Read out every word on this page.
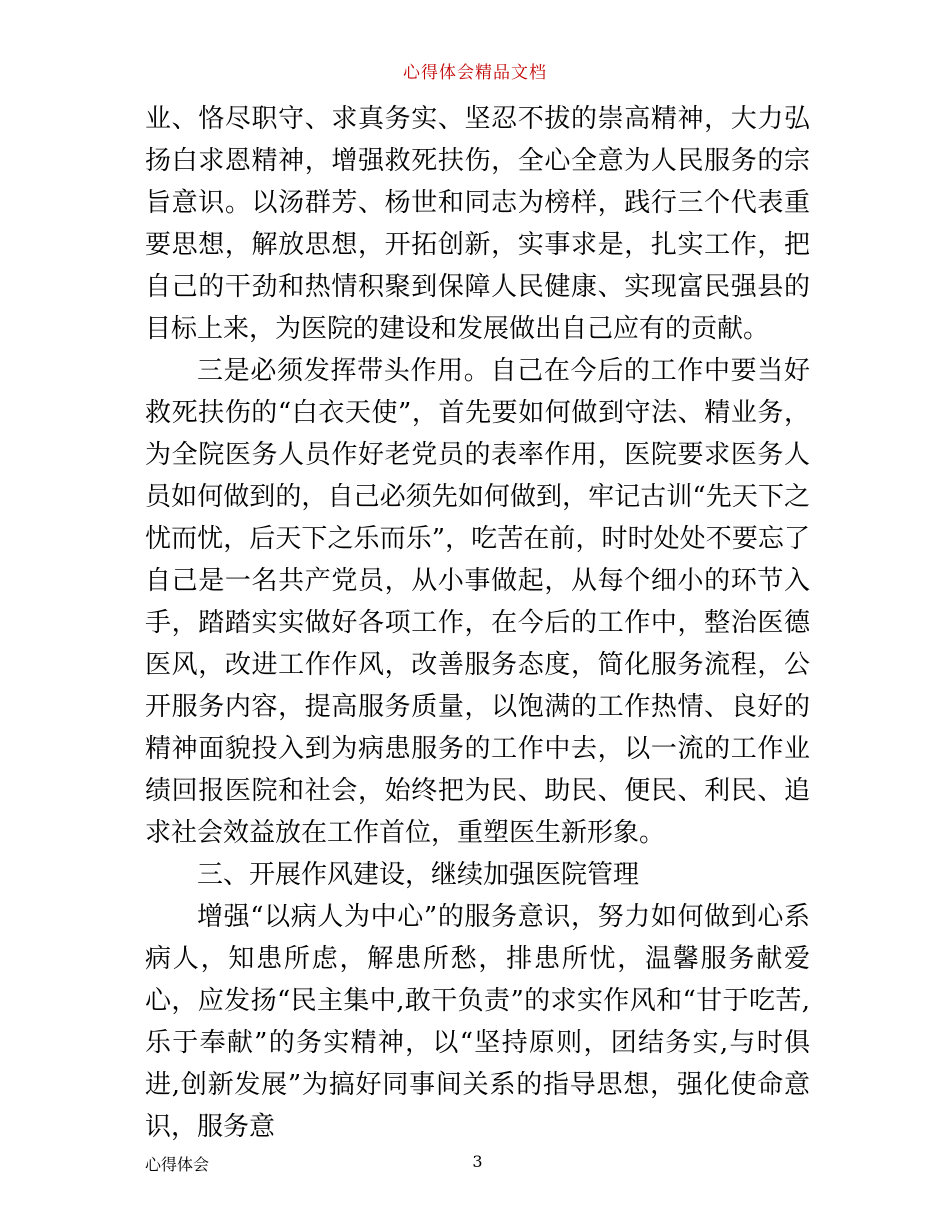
心得体会精品文档

业、恪尽职守、求真务实、坚忍不拔的崇高精神，大力弘扬白求恩精神，增强救死扶伤，全心全意为人民服务的宗旨意识。以汤群芳、杨世和同志为榜样，践行三个代表重要思想，解放思想，开拓创新，实事求是，扎实工作，把自己的干劲和热情积聚到保障人民健康、实现富民强县的目标上来，为医院的建设和发展做出自己应有的贡献。

三是必须发挥带头作用。自己在今后的工作中要当好救死扶伤的“白衣天使”，首先要如何做到守法、精业务，为全院医务人员作好老党员的表率作用，医院要求医务人员如何做到的，自己必须先如何做到，牢记古训“先天下之忧而忧，后天下之乐而乐”，吃苦在前，时时处处不要忘了自己是一名共产党员，从小事做起，从每个细小的环节入手，踏踏实实做好各项工作，在今后的工作中，整治医德医风，改进工作作风，改善服务态度，简化服务流程，公开服务内容，提高服务质量，以饱满的工作热情、良好的精神面貌投入到为病患服务的工作中去，以一流的工作业绩回报医院和社会，始终把为民、助民、便民、利民、追求社会效益放在工作首位，重塑医生新形象。

三、开展作风建设，继续加强医院管理

增强“以病人为中心”的服务意识，努力如何做到心系病人，知患所虑，解患所愁，排患所忧，温馨服务献爱心，应发扬“民主集中,敢干负责”的求实作风和“甘于吃苦,乐于奉献”的务实精神，以“坚持原则，团结务实,与时俱进,创新发展”为搞好同事间关系的指导思想，强化使命意识，服务意

心得体会	3
